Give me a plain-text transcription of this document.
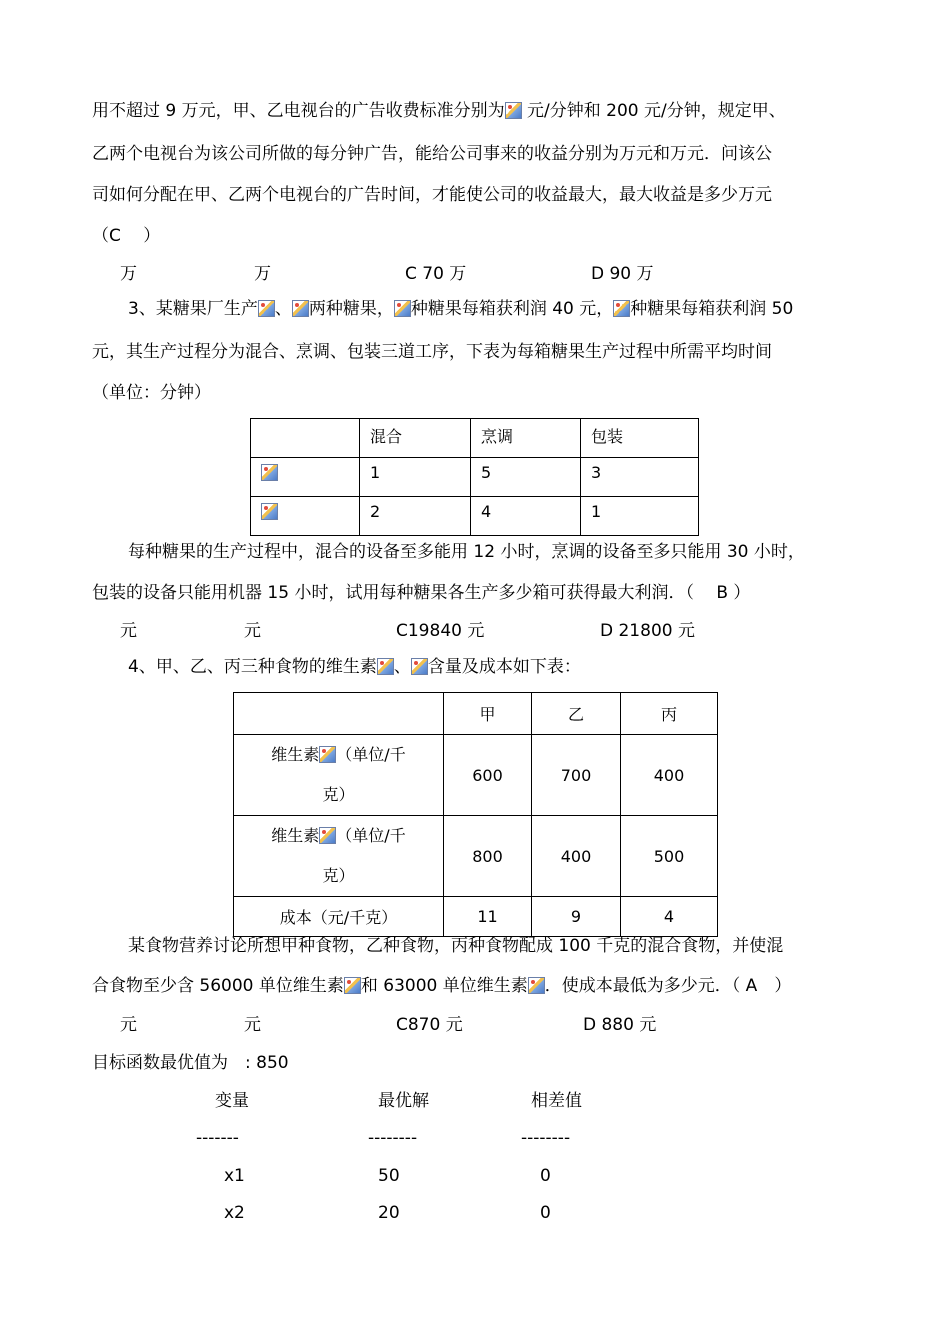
用不超过 9 万元，甲、乙电视台的广告收费标准分别为 元/分钟和 200 元/分钟，规定甲、
乙两个电视台为该公司所做的每分钟广告，能给公司事来的收益分别为万元和万元．问该公
司如何分配在甲、乙两个电视台的广告时间，才能使公司的收益最大，最大收益是多少万元
（C　 ）
万	万	C 70 万	D 90 万
3、某糖果厂生产 、 两种糖果， 种糖果每箱获利润 40 元， 种糖果每箱获利润 50
元，其生产过程分为混合、烹调、包装三道工序，下表为每箱糖果生产过程中所需平均时间
（单位：分钟）
	混合	烹调	包装
	1	5	3
	2	4	1
每种糖果的生产过程中，混合的设备至多能用 12 小时，烹调的设备至多只能用 30 小时，
包装的设备只能用机器 15 小时，试用每种糖果各生产多少箱可获得最大利润．（　 B ）
元	元	C19840 元	D 21800 元
4、甲、乙、丙三种食物的维生素 、 含量及成本如下表：
	甲	乙	丙
维生素 （单位/千
克）	600	700	400
维生素 （单位/千
克）	800	400	500
成本（元/千克）	11	9	4
某食物营养讨论所想甲种食物，乙种食物，丙种食物配成 100 千克的混合食物，并使混
合食物至少含 56000 单位维生素 和 63000 单位维生素 ．使成本最低为多少元．（ A　）
元	元	C870 元	D 880 元
目标函数最优值为　: 850
变量	最优解	相差值
-------	--------	--------
x1	50	0
x2	20	0
